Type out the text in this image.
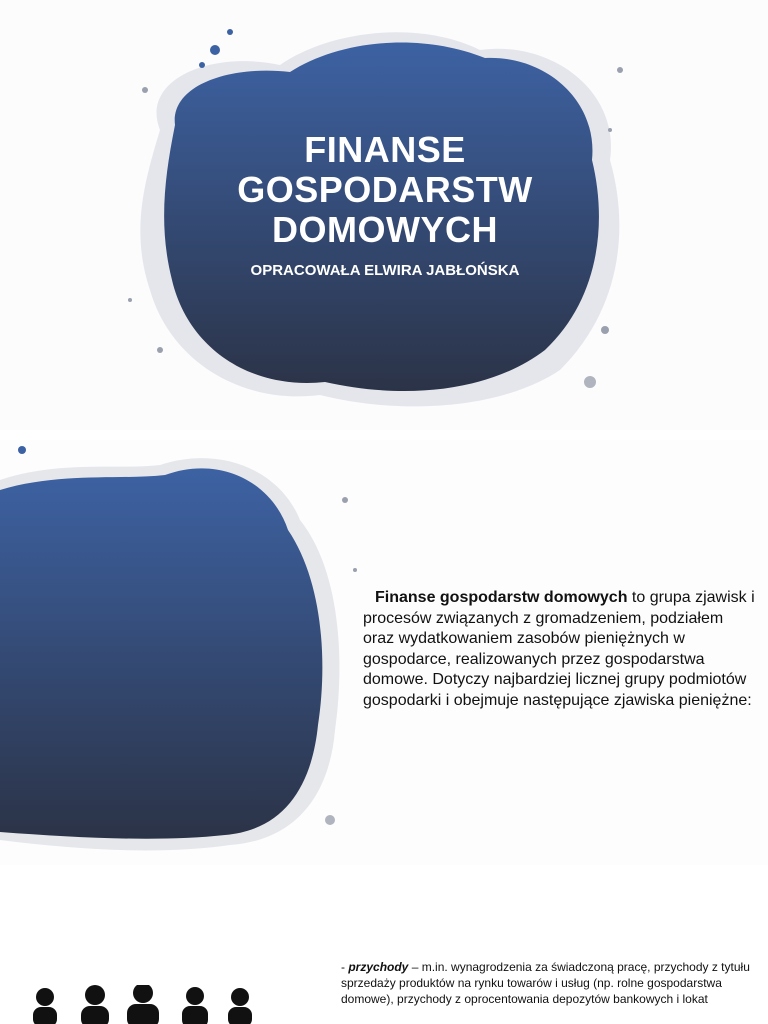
FINANSE
GOSPODARSTW
DOMOWYCH

OPRACOWAŁA ELWIRA JABŁOŃSKA

Finanse gospodarstw domowych to grupa zjawisk i procesów związanych z gromadzeniem, podziałem oraz wydatkowaniem zasobów pieniężnych w gospodarce, realizowanych przez gospodarstwa domowe. Dotyczy najbardziej licznej grupy podmiotów gospodarki i obejmuje następujące zjawiska pieniężne:

- przychody – m.in. wynagrodzenia za świadczoną pracę, przychody z tytułu sprzedaży produktów na rynku towarów i usług (np. rolne gospodarstwa domowe), przychody z oprocentowania depozytów bankowych i lokat
